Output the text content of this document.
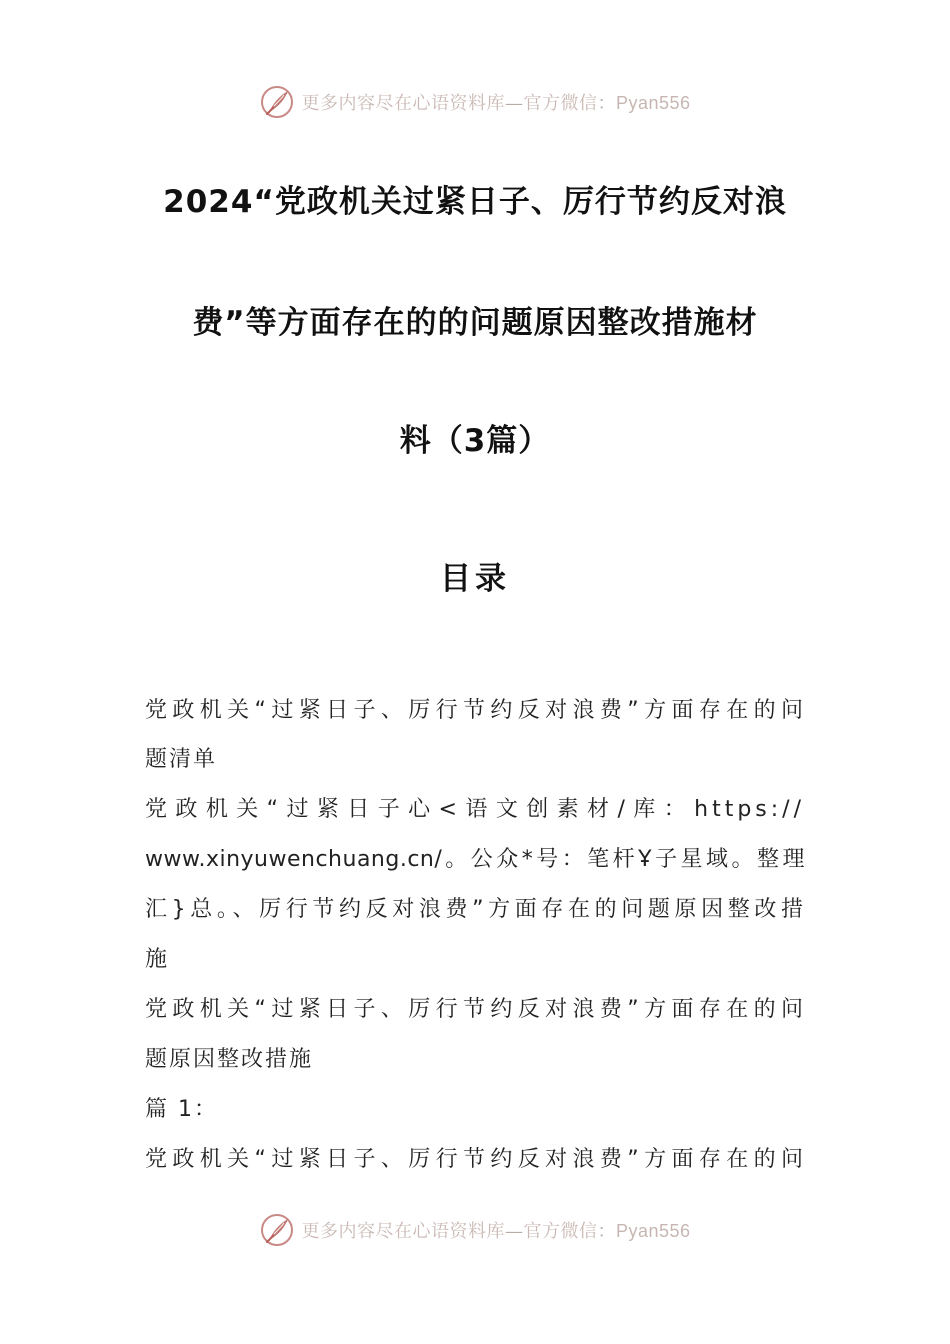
更多内容尽在心语资料库—官方微信：Pyan556
2024“党政机关过紧日子、厉行节约反对浪
费”等方面存在的的问题原因整改措施材
料（3篇）
目录
党政机关“过紧日子、厉行节约反对浪费”方面存在的问
题清单
党政机关“过紧日子心<语文创素材/库：https://
www.xinyuwenchuang.cn/。公众*号：笔杆Ұ子星域。整理
汇}总。、厉行节约反对浪费”方面存在的问题原因整改措
施
党政机关“过紧日子、厉行节约反对浪费”方面存在的问
题原因整改措施
篇 1：
党政机关“过紧日子、厉行节约反对浪费”方面存在的问
更多内容尽在心语资料库—官方微信：Pyan556
